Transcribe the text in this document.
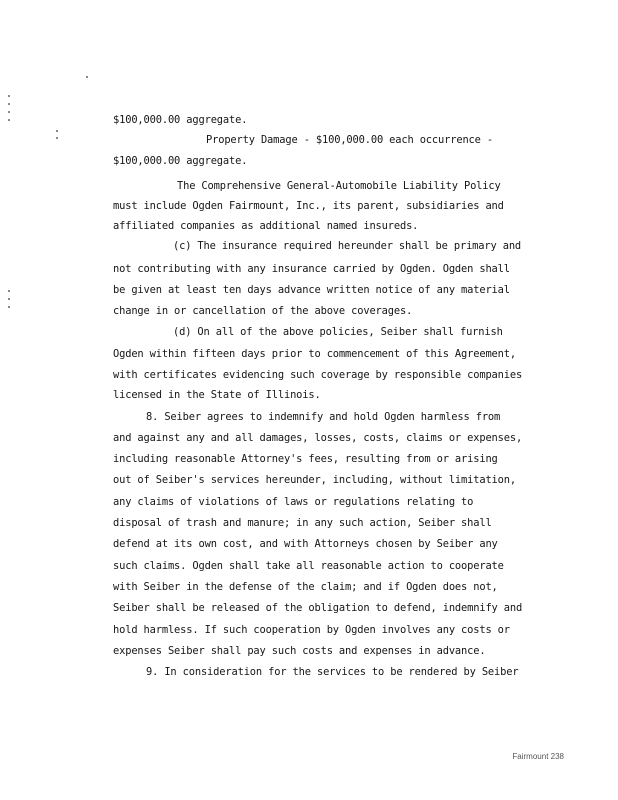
$100,000.00 aggregate.
Property Damage - $100,000.00 each occurrence -
$100,000.00 aggregate.
The Comprehensive General-Automobile Liability Policy
must include Ogden Fairmount, Inc., its parent, subsidiaries and
affiliated companies as additional named insureds.
(c) The insurance required hereunder shall be primary and
not contributing with any insurance carried by Ogden. Ogden shall
be given at least ten days advance written notice of any material
change in or cancellation of the above coverages.
(d) On all of the above policies, Seiber shall furnish
Ogden within fifteen days prior to commencement of this Agreement,
with certificates evidencing such coverage by responsible companies
licensed in the State of Illinois.
8. Seiber agrees to indemnify and hold Ogden harmless from
and against any and all damages, losses, costs, claims or expenses,
including reasonable Attorney's fees, resulting from or arising
out of Seiber's services hereunder, including, without limitation,
any claims of violations of laws or regulations relating to
disposal of trash and manure; in any such action, Seiber shall
defend at its own cost, and with Attorneys chosen by Seiber any
such claims. Ogden shall take all reasonable action to cooperate
with Seiber in the defense of the claim; and if Ogden does not,
Seiber shall be released of the obligation to defend, indemnify and
hold harmless. If such cooperation by Ogden involves any costs or
expenses Seiber shall pay such costs and expenses in advance.
9. In consideration for the services to be rendered by Seiber
Fairmount 238
